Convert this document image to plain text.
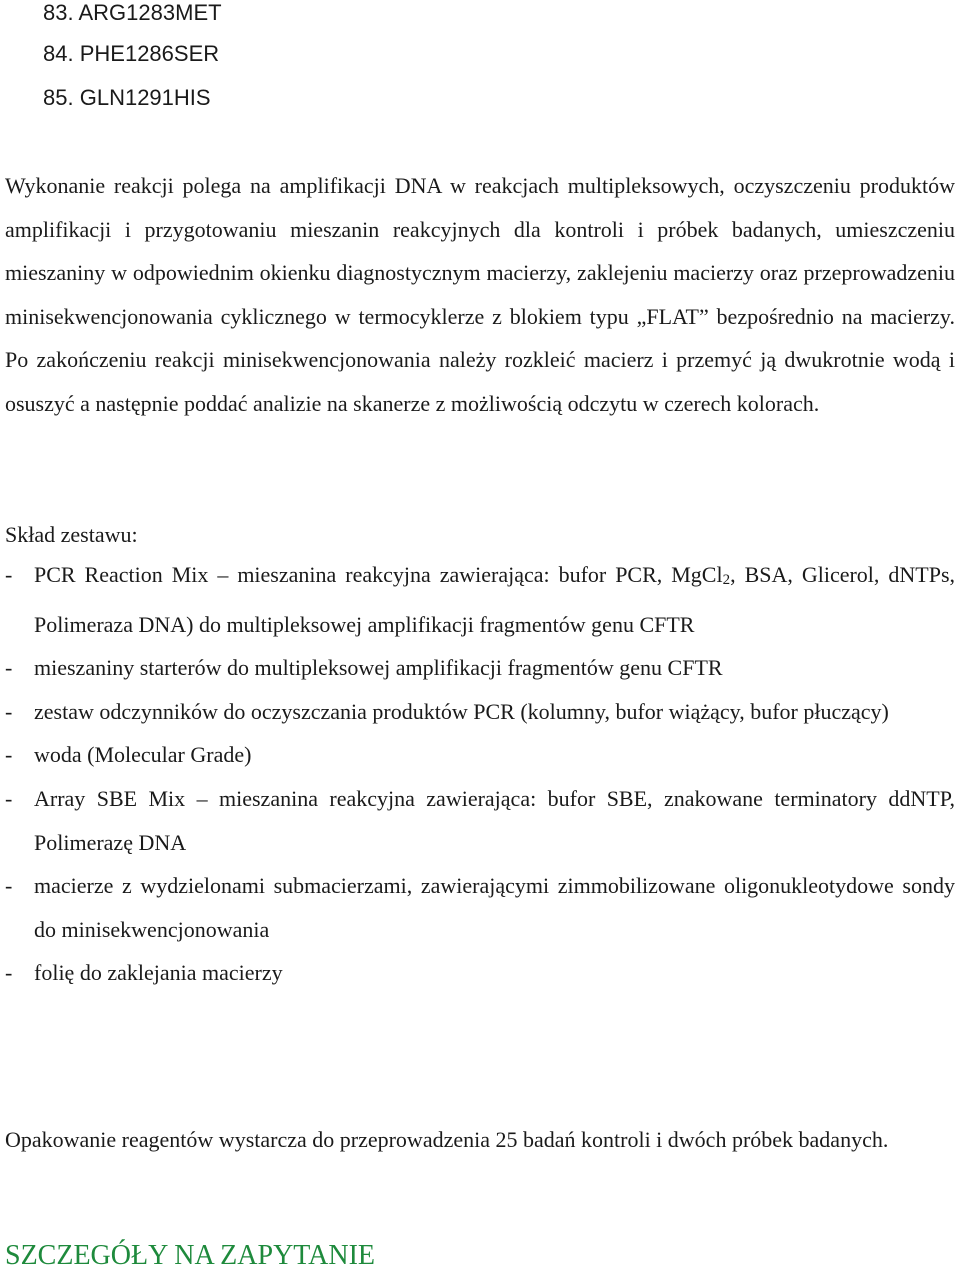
83. ARG1283MET
84. PHE1286SER
85. GLN1291HIS

Wykonanie reakcji polega na amplifikacji DNA w reakcjach multipleksowych, oczyszczeniu produktów amplifikacji i przygotowaniu mieszanin reakcyjnych dla kontroli i próbek badanych, umieszczeniu mieszaniny w odpowiednim okienku diagnostycznym macierzy, zaklejeniu macierzy oraz przeprowadzeniu minisekwencjonowania cyklicznego w termocyklerze z blokiem typu „FLAT” bezpośrednio na macierzy. Po zakończeniu reakcji minisekwencjonowania należy rozkleić macierz i przemyć ją dwukrotnie wodą i osuszyć a następnie poddać analizie na skanerze z możliwością odczytu w czerech kolorach.

Skład zestawu:

- PCR Reaction Mix – mieszanina reakcyjna zawierająca: bufor PCR, MgCl$_2$, BSA, Glicerol, dNTPs, Polimeraza DNA) do multipleksowej amplifikacji fragmentów genu CFTR
- mieszaniny starterów do multipleksowej amplifikacji fragmentów genu CFTR
- zestaw odczynników do oczyszczania produktów PCR (kolumny, bufor wiążący, bufor płuczący)
- woda (Molecular Grade)
- Array SBE Mix – mieszanina reakcyjna zawierająca: bufor SBE, znakowane terminatory ddNTP, Polimerazę DNA
- macierze z wydzielonami submacierzami, zawierającymi zimmobilizowane oligonukleotydowe sondy do minisekwencjonowania
- folię do zaklejania macierzy

Opakowanie reagentów wystarcza do przeprowadzenia 25 badań kontroli i dwóch próbek badanych.

SZCZEGÓŁY NA ZAPYTANIE
